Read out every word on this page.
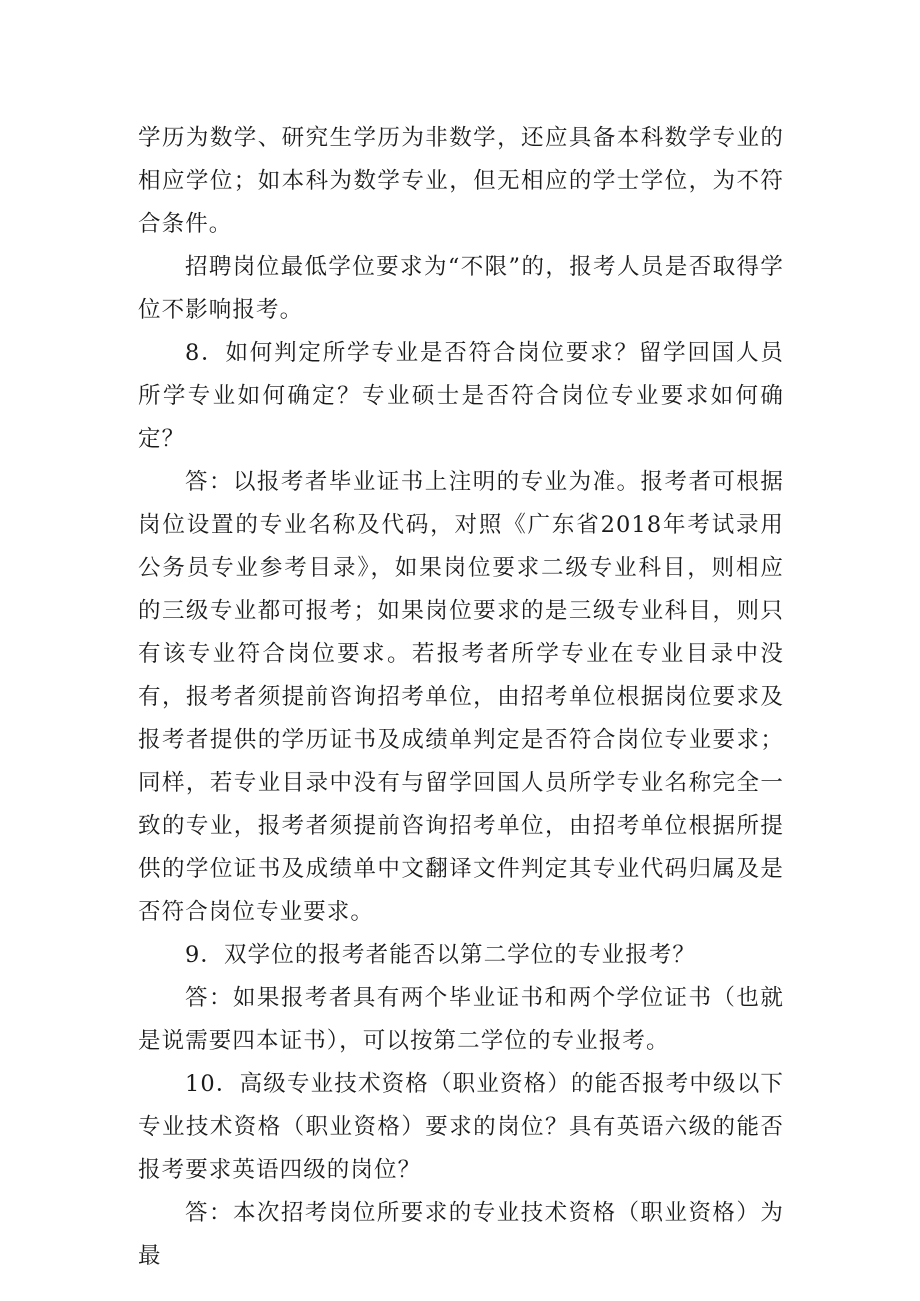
学历为数学、研究生学历为非数学，还应具备本科数学专业的相应学位；如本科为数学专业，但无相应的学士学位，为不符合条件。

招聘岗位最低学位要求为“不限”的，报考人员是否取得学位不影响报考。

8．如何判定所学专业是否符合岗位要求？留学回国人员所学专业如何确定？专业硕士是否符合岗位专业要求如何确定？

答：以报考者毕业证书上注明的专业为准。报考者可根据岗位设置的专业名称及代码，对照《广东省2018年考试录用公务员专业参考目录》，如果岗位要求二级专业科目，则相应的三级专业都可报考；如果岗位要求的是三级专业科目，则只有该专业符合岗位要求。若报考者所学专业在专业目录中没有，报考者须提前咨询招考单位，由招考单位根据岗位要求及报考者提供的学历证书及成绩单判定是否符合岗位专业要求；同样，若专业目录中没有与留学回国人员所学专业名称完全一致的专业，报考者须提前咨询招考单位，由招考单位根据所提供的学位证书及成绩单中文翻译文件判定其专业代码归属及是否符合岗位专业要求。

9．双学位的报考者能否以第二学位的专业报考？

答：如果报考者具有两个毕业证书和两个学位证书（也就是说需要四本证书），可以按第二学位的专业报考。

10．高级专业技术资格（职业资格）的能否报考中级以下专业技术资格（职业资格）要求的岗位？具有英语六级的能否报考要求英语四级的岗位？

答：本次招考岗位所要求的专业技术资格（职业资格）为最
